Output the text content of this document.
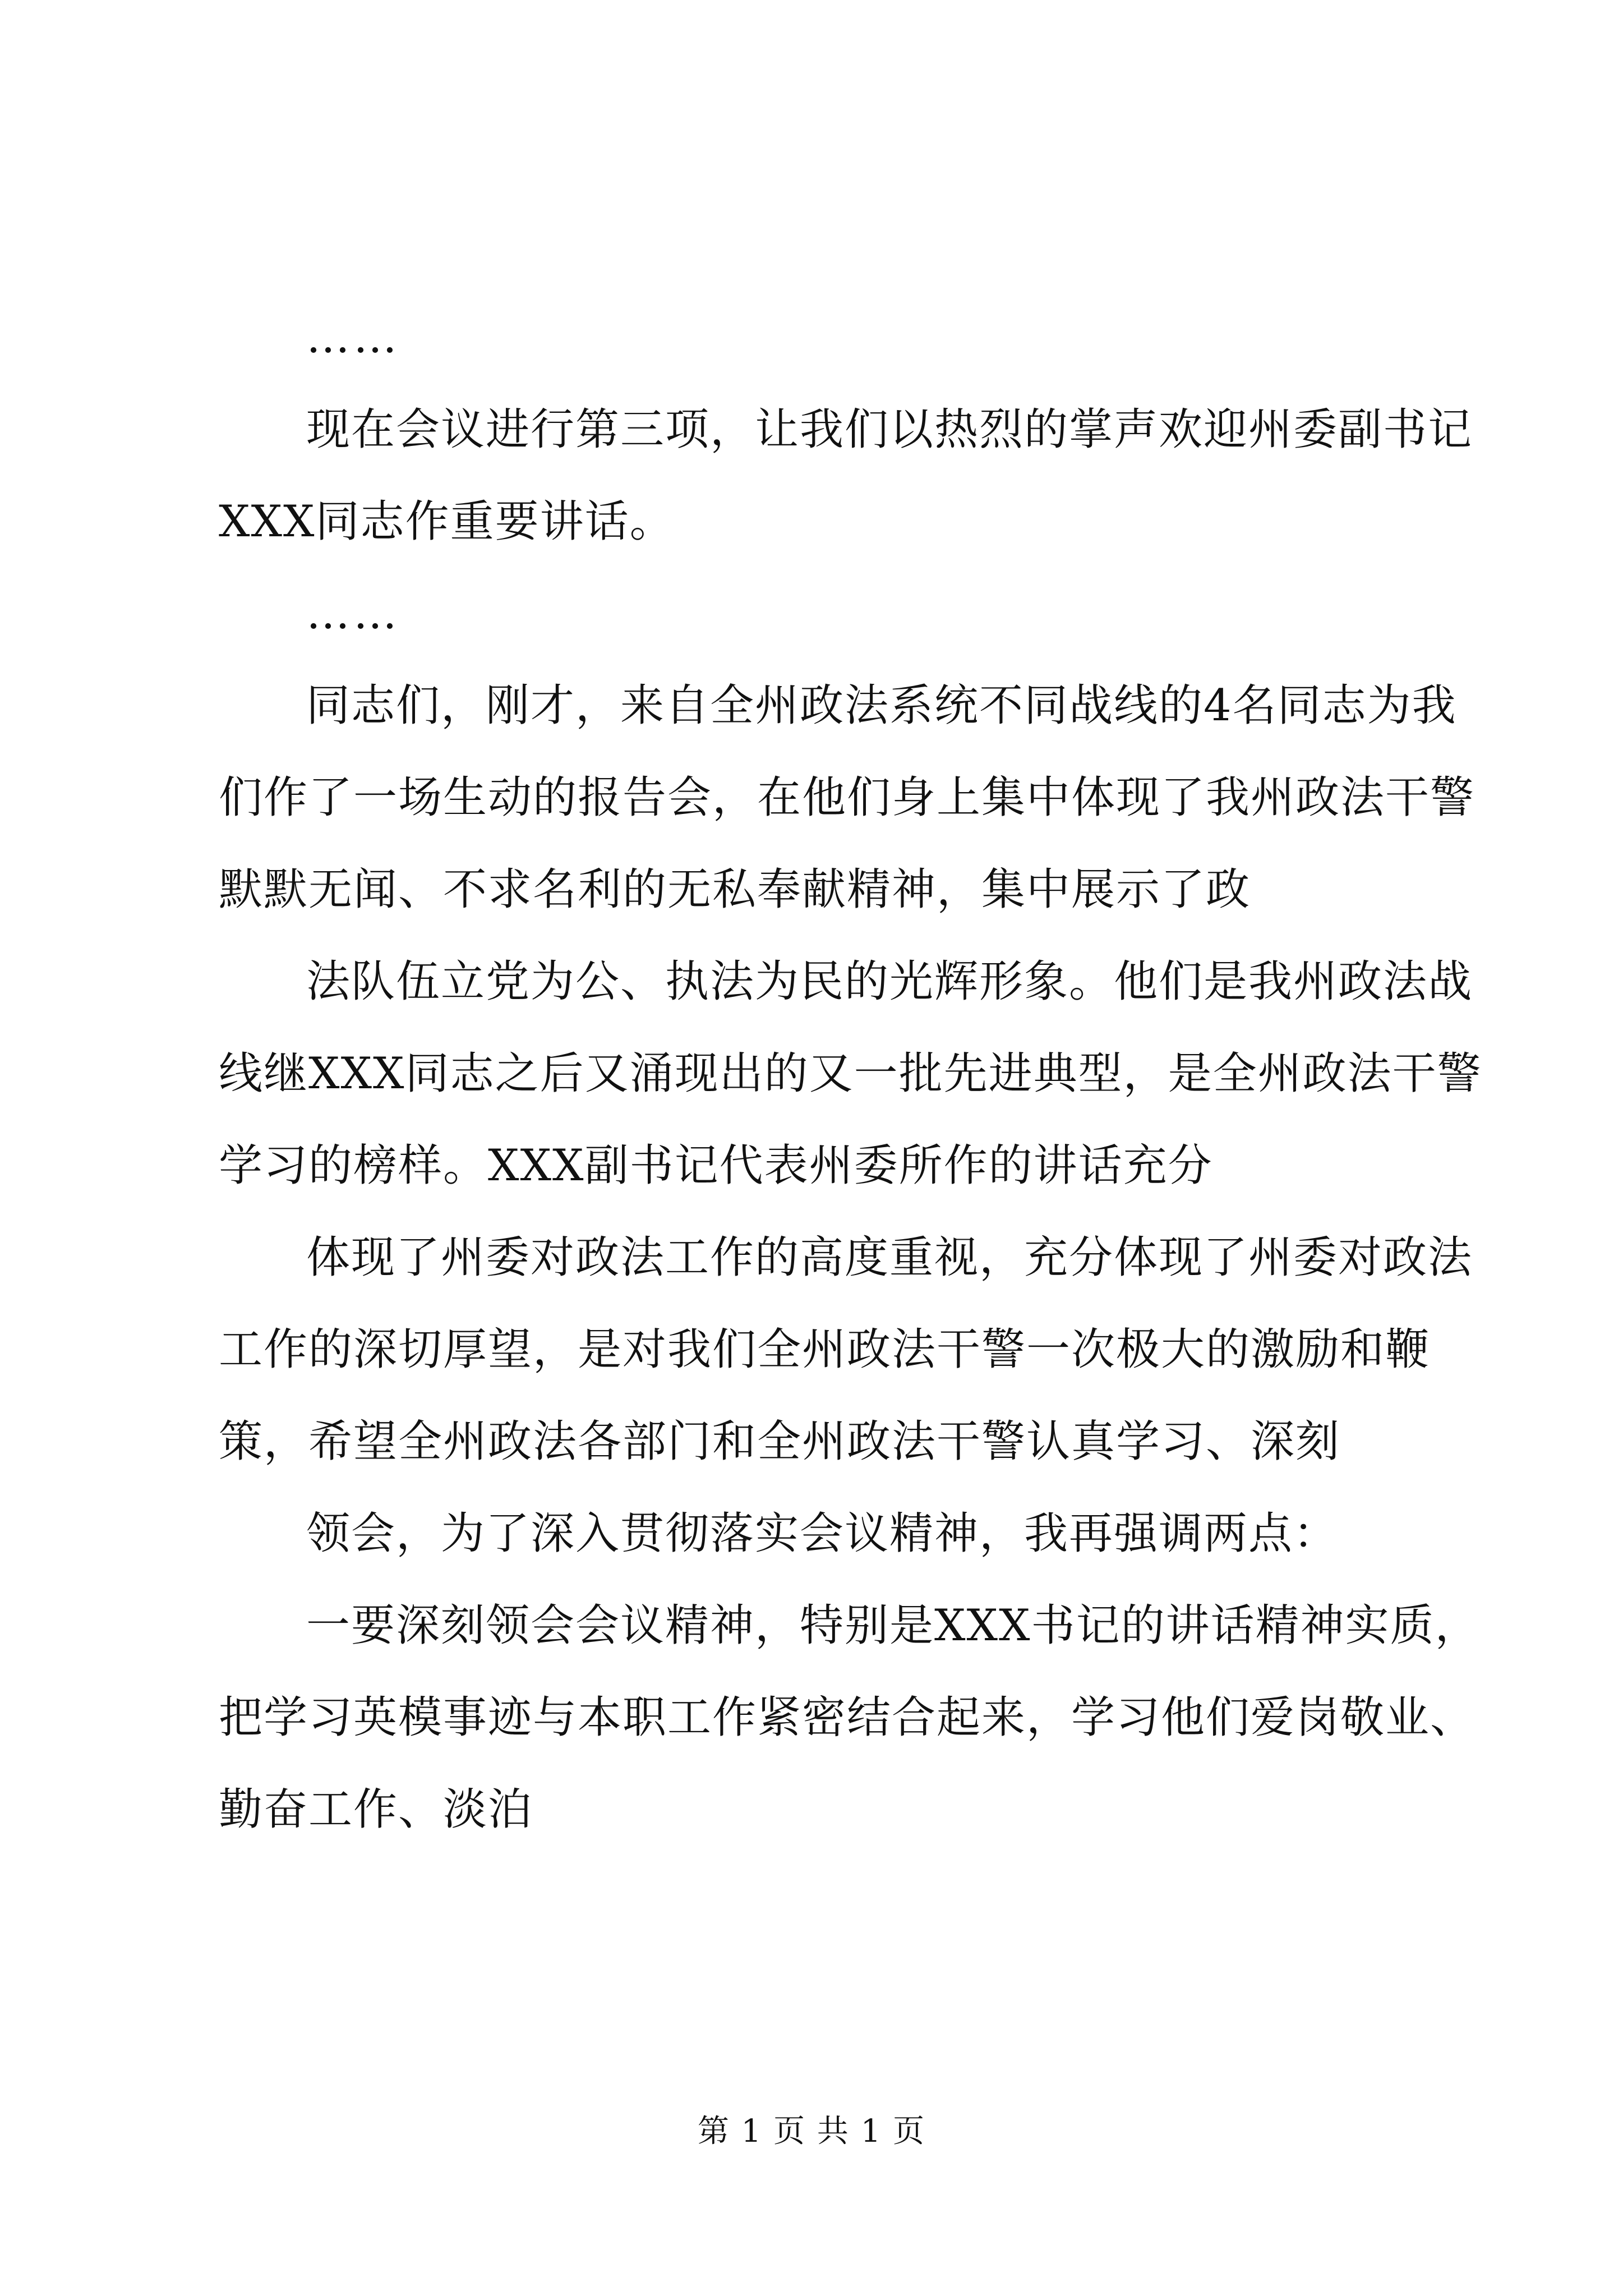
……

现在会议进行第三项，让我们以热烈的掌声欢迎州委副书记XXX同志作重要讲话。

……

同志们，刚才，来自全州政法系统不同战线的4名同志为我们作了一场生动的报告会，在他们身上集中体现了我州政法干警默默无闻、不求名利的无私奉献精神，集中展示了政

法队伍立党为公、执法为民的光辉形象。他们是我州政法战线继XXX同志之后又涌现出的又一批先进典型，是全州政法干警学习的榜样。XXX副书记代表州委所作的讲话充分

体现了州委对政法工作的高度重视，充分体现了州委对政法工作的深切厚望，是对我们全州政法干警一次极大的激励和鞭策，希望全州政法各部门和全州政法干警认真学习、深刻

领会，为了深入贯彻落实会议精神，我再强调两点：

一要深刻领会会议精神，特别是XXX书记的讲话精神实质，把学习英模事迹与本职工作紧密结合起来，学习他们爱岗敬业、勤奋工作、淡泊

第 1 页 共 1 页
